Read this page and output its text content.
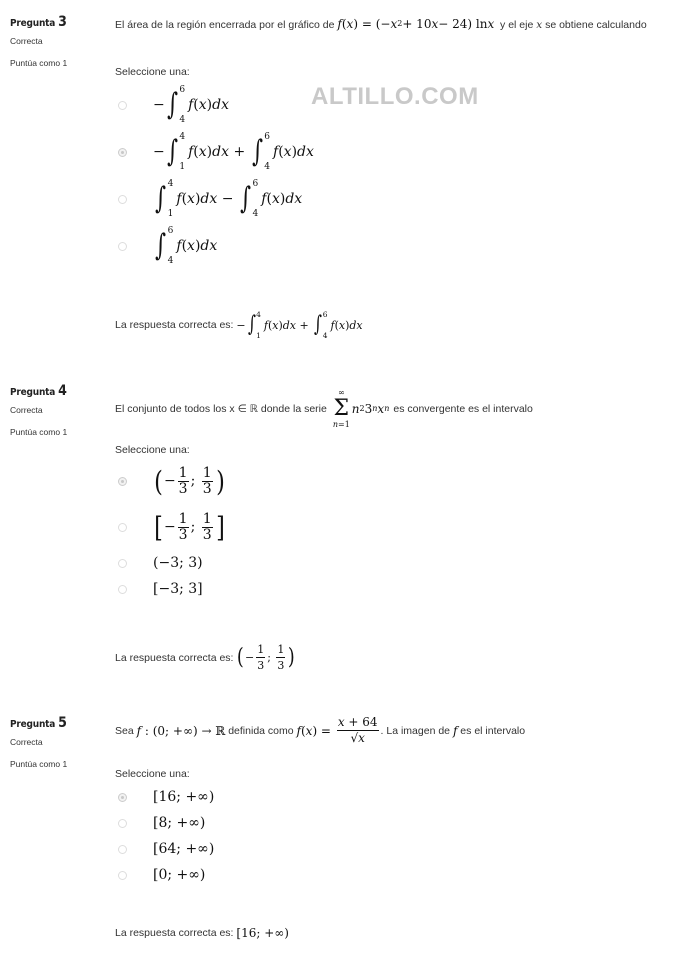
ALTILLO.COM
Pregunta 3
Correcta
Puntúa como 1
El área de la región encerrada por el gráfico de f ( x ) = (− x 2 + 10 x − 24) ln x y el eje x se obtiene calculando
Seleccione una:
− ∫ 6
4
f ( x ) dx
− ∫ 4
1
f ( x ) dx + ∫ 6
4
f ( x ) dx
∫ 4
1
f ( x ) dx − ∫ 6
4
f ( x ) dx
∫ 6
4
f ( x ) dx
La respuesta correcta es:
− ∫ 4
1
f ( x ) dx + ∫ 6
4
f ( x ) dx
Pregunta 4
Correcta
Puntúa como 1
El conjunto de todos los x ∈ ℝ donde la serie
∞
Σ
n=1
n 2 3 n x n es convergente es el intervalo
Seleccione una:
( − $\frac{1}{3}$ ; $\frac{1}{3}$ )
[ − $\frac{1}{3}$ ; $\frac{1}{3}$ ]
(−3; 3)
[−3; 3]
La respuesta correcta es:
( − $\frac{1}{3}$ ; $\frac{1}{3}$ )
Pregunta 5
Correcta
Puntúa como 1
Sea f : (0; +∞) → ℝ definida como f ( x ) = $\frac{x + 64}{√x}$ . La imagen de f es el intervalo
Seleccione una:
[16; +∞)
[8; +∞)
[64; +∞)
[0; +∞)
La respuesta correcta es:
[16; +∞)
